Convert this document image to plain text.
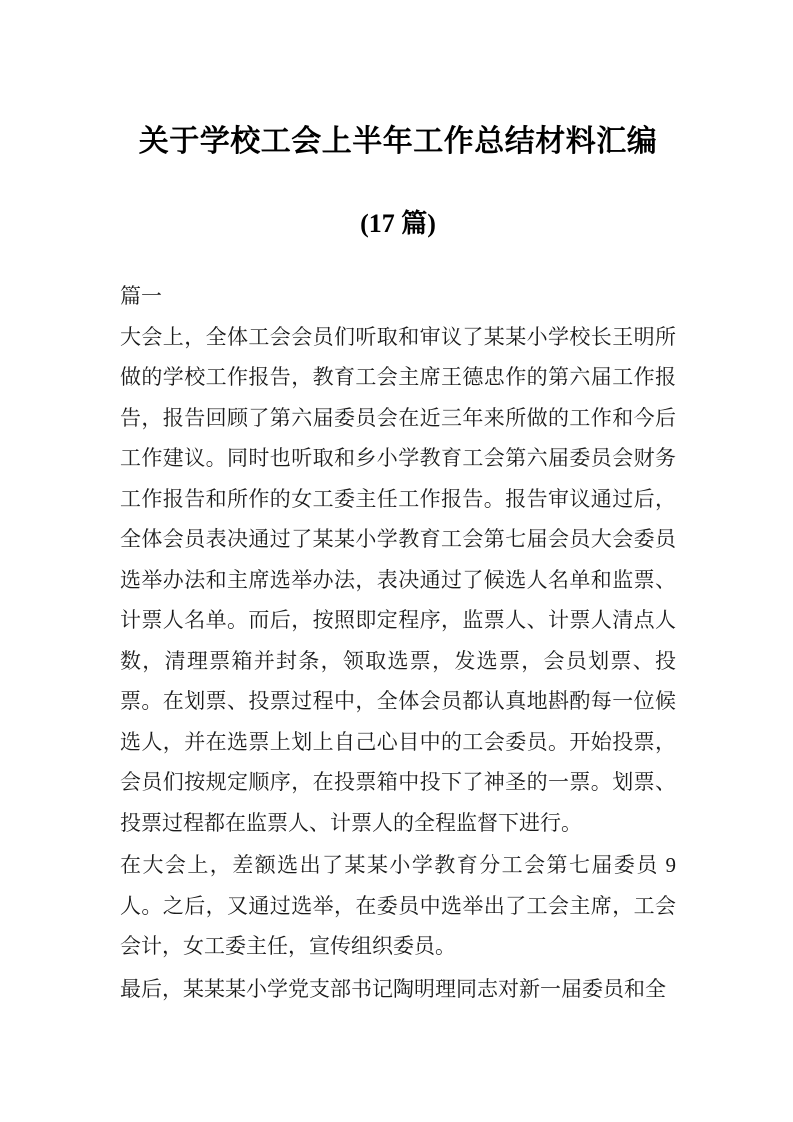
关于学校工会上半年工作总结材料汇编
(17 篇)
篇一

大会上，全体工会会员们听取和审议了某某小学校长王明所做的学校工作报告，教育工会主席王德忠作的第六届工作报告，报告回顾了第六届委员会在近三年来所做的工作和今后工作建议。同时也听取和乡小学教育工会第六届委员会财务工作报告和所作的女工委主任工作报告。报告审议通过后，全体会员表决通过了某某小学教育工会第七届会员大会委员选举办法和主席选举办法，表决通过了候选人名单和监票、计票人名单。而后，按照即定程序，监票人、计票人清点人数，清理票箱并封条，领取选票，发选票，会员划票、投票。在划票、投票过程中，全体会员都认真地斟酌每一位候选人，并在选票上划上自己心目中的工会委员。开始投票，会员们按规定顺序，在投票箱中投下了神圣的一票。划票、投票过程都在监票人、计票人的全程监督下进行。

在大会上，差额选出了某某小学教育分工会第七届委员 9 人。之后，又通过选举，在委员中选举出了工会主席，工会会计，女工委主任，宣传组织委员。

最后，某某某小学党支部书记陶明理同志对新一届委员和全
